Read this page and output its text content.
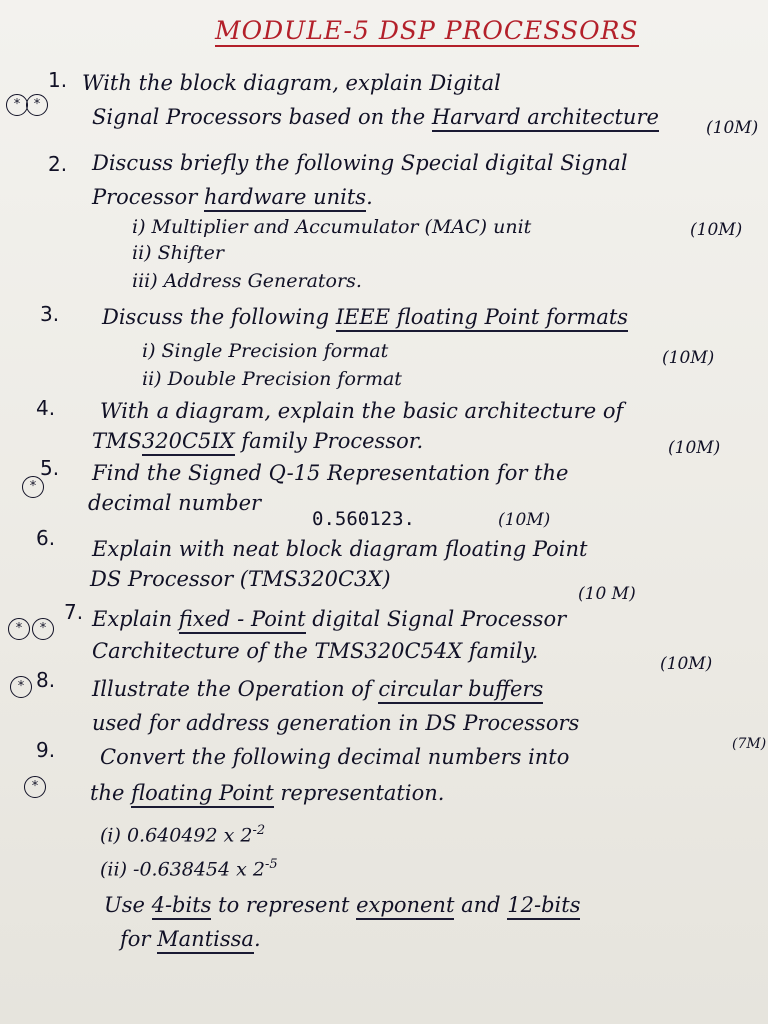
MODULE-5 DSP PROCESSORS
*	*
1. With the block diagram, explain Digital
Signal Processors based on the Harvard architecture	(10M)
2. Discuss briefly the following Special digital Signal
Processor hardware units.
i) Multiplier and Accumulator (MAC) unit	(10M)
ii) Shifter
iii) Address Generators.
3. Discuss the following IEEE floating Point formats
i) Single Precision format	(10M)
ii) Double Precision format
4. With a diagram, explain the basic architecture of
TMS320C5IX family Processor.	(10M)
*
5. Find the Signed Q-15 Representation for the
decimal number
0.560123.	(10M)
6. Explain with neat block diagram floating Point
DS Processor (TMS320C3X)
(10 M)
*	*
7. Explain fixed - Point digital Signal Processor
Carchitecture of the TMS320C54X family.
(10M)
* 8. Illustrate the Operation of circular buffers
used for address generation in DS Processors
(7M)
*
9. Convert the following decimal numbers into
the floating Point representation.
(i) 0.640492 x $2^{-2}$
(ii) -0.638454 x $2^{-5}$
Use 4-bits to represent exponent and 12-bits
for Mantissa.
